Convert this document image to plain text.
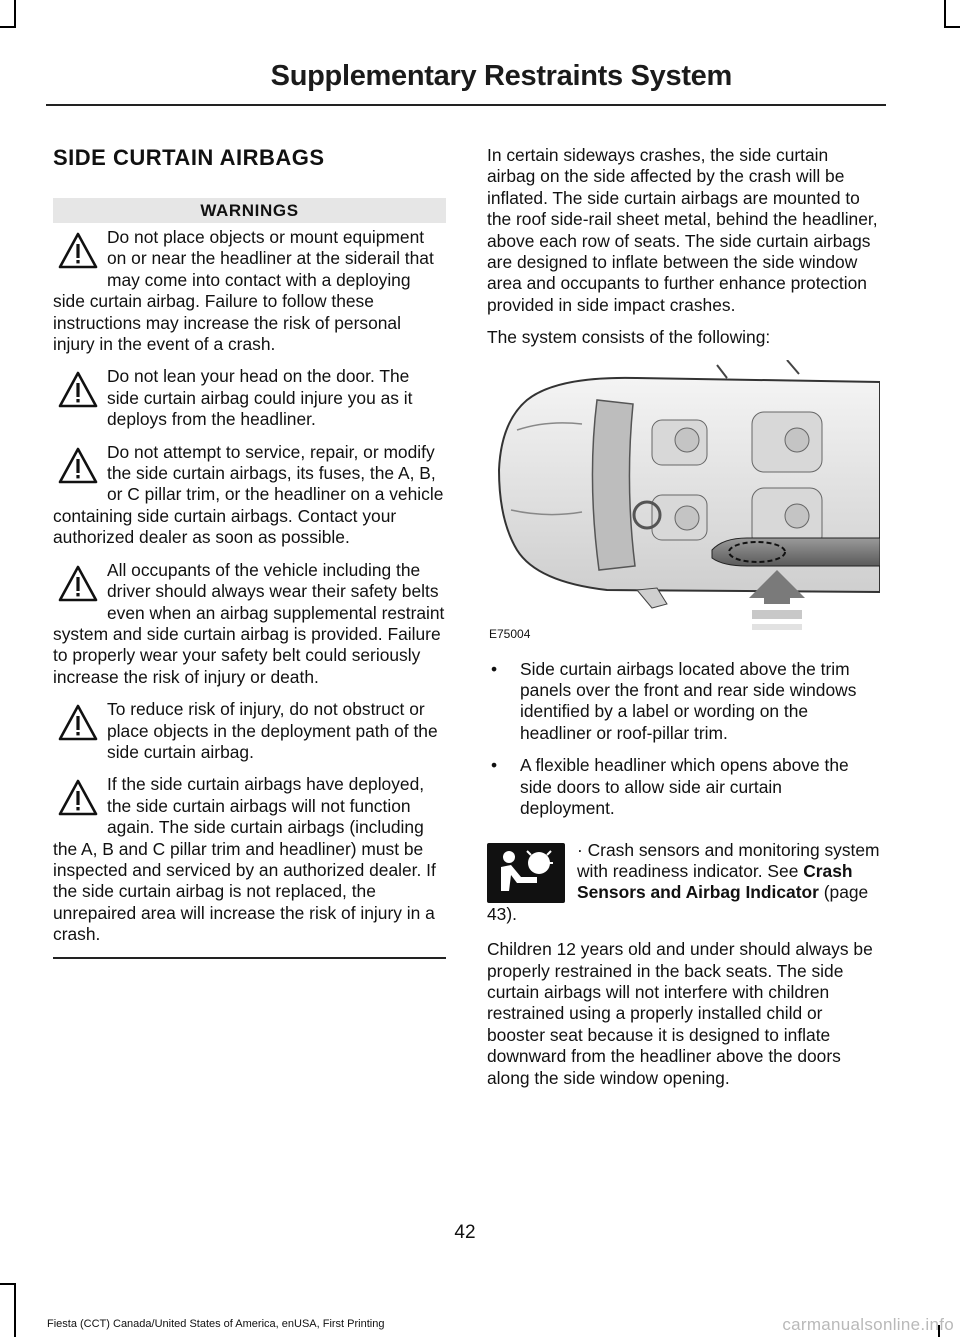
Supplementary Restraints System
SIDE CURTAIN AIRBAGS
WARNINGS
Do not place objects or mount equipment on or near the headliner at the siderail that may come into contact with a deploying side curtain airbag. Failure to follow these instructions may increase the risk of personal injury in the event of a crash.
Do not lean your head on the door. The side curtain airbag could injure you as it deploys from the headliner.
Do not attempt to service, repair, or modify the side curtain airbags, its fuses, the A, B, or C pillar trim, or the headliner on a vehicle containing side curtain airbags. Contact your authorized dealer as soon as possible.
All occupants of the vehicle including the driver should always wear their safety belts even when an airbag supplemental restraint system and side curtain airbag is provided. Failure to properly wear your safety belt could seriously increase the risk of injury or death.
To reduce risk of injury, do not obstruct or place objects in the deployment path of the side curtain airbag.
If the side curtain airbags have deployed, the side curtain airbags will not function again. The side curtain airbags (including the A, B and C pillar trim and headliner) must be inspected and serviced by an authorized dealer. If the side curtain airbag is not replaced, the unrepaired area will increase the risk of injury in a crash.

In certain sideways crashes, the side curtain airbag on the side affected by the crash will be inflated. The side curtain airbags are mounted to the roof side-rail sheet metal, behind the headliner, above each row of seats. The side curtain airbags are designed to inflate between the side window area and occupants to further enhance protection provided in side impact crashes.

The system consists of the following:

E75004
• Side curtain airbags located above the trim panels over the front and rear side windows identified by a label or wording on the headliner or roof-pillar trim.
• A flexible headliner which opens above the side doors to allow side air curtain deployment.
· Crash sensors and monitoring system with readiness indicator. See Crash Sensors and Airbag Indicator (page 43).

Children 12 years old and under should always be properly restrained in the back seats. The side curtain airbags will not interfere with children restrained using a properly installed child or booster seat because it is designed to inflate downward from the headliner above the doors along the side window opening.

42
Fiesta (CCT) Canada/United States of America, enUSA, First Printing	carmanualsonline.info
